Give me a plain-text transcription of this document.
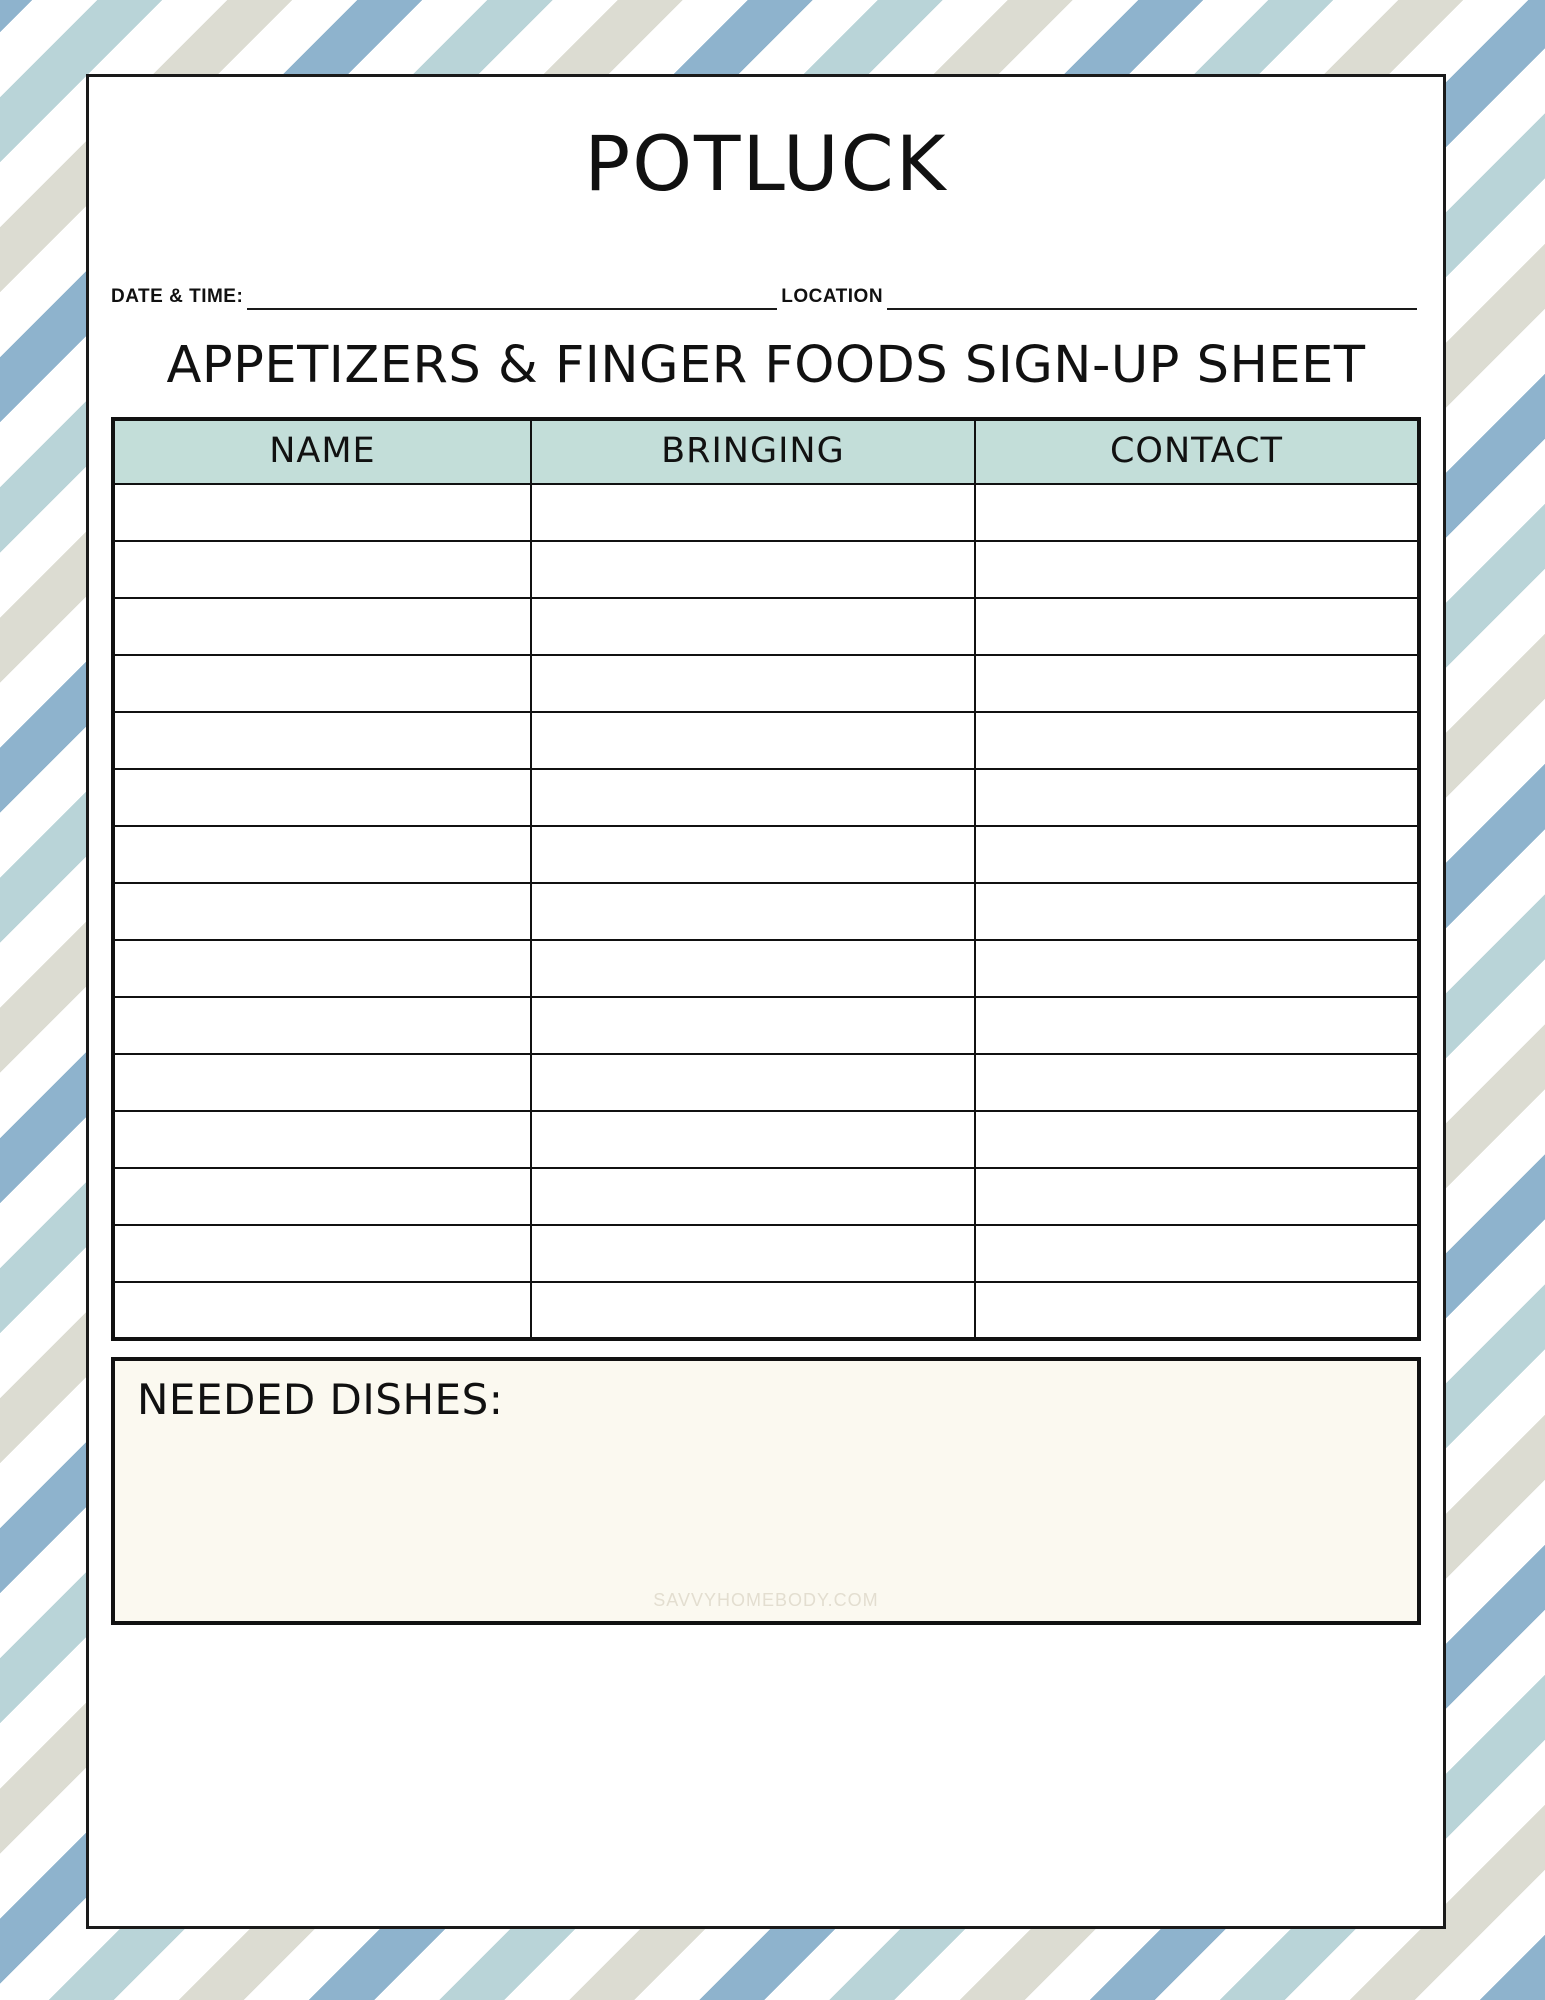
POTLUCK
DATE & TIME:	LOCATION
APPETIZERS & FINGER FOODS SIGN-UP SHEET
NAME	BRINGING	CONTACT

NEEDED DISHES:
SAVVYHOMEBODY.COM
